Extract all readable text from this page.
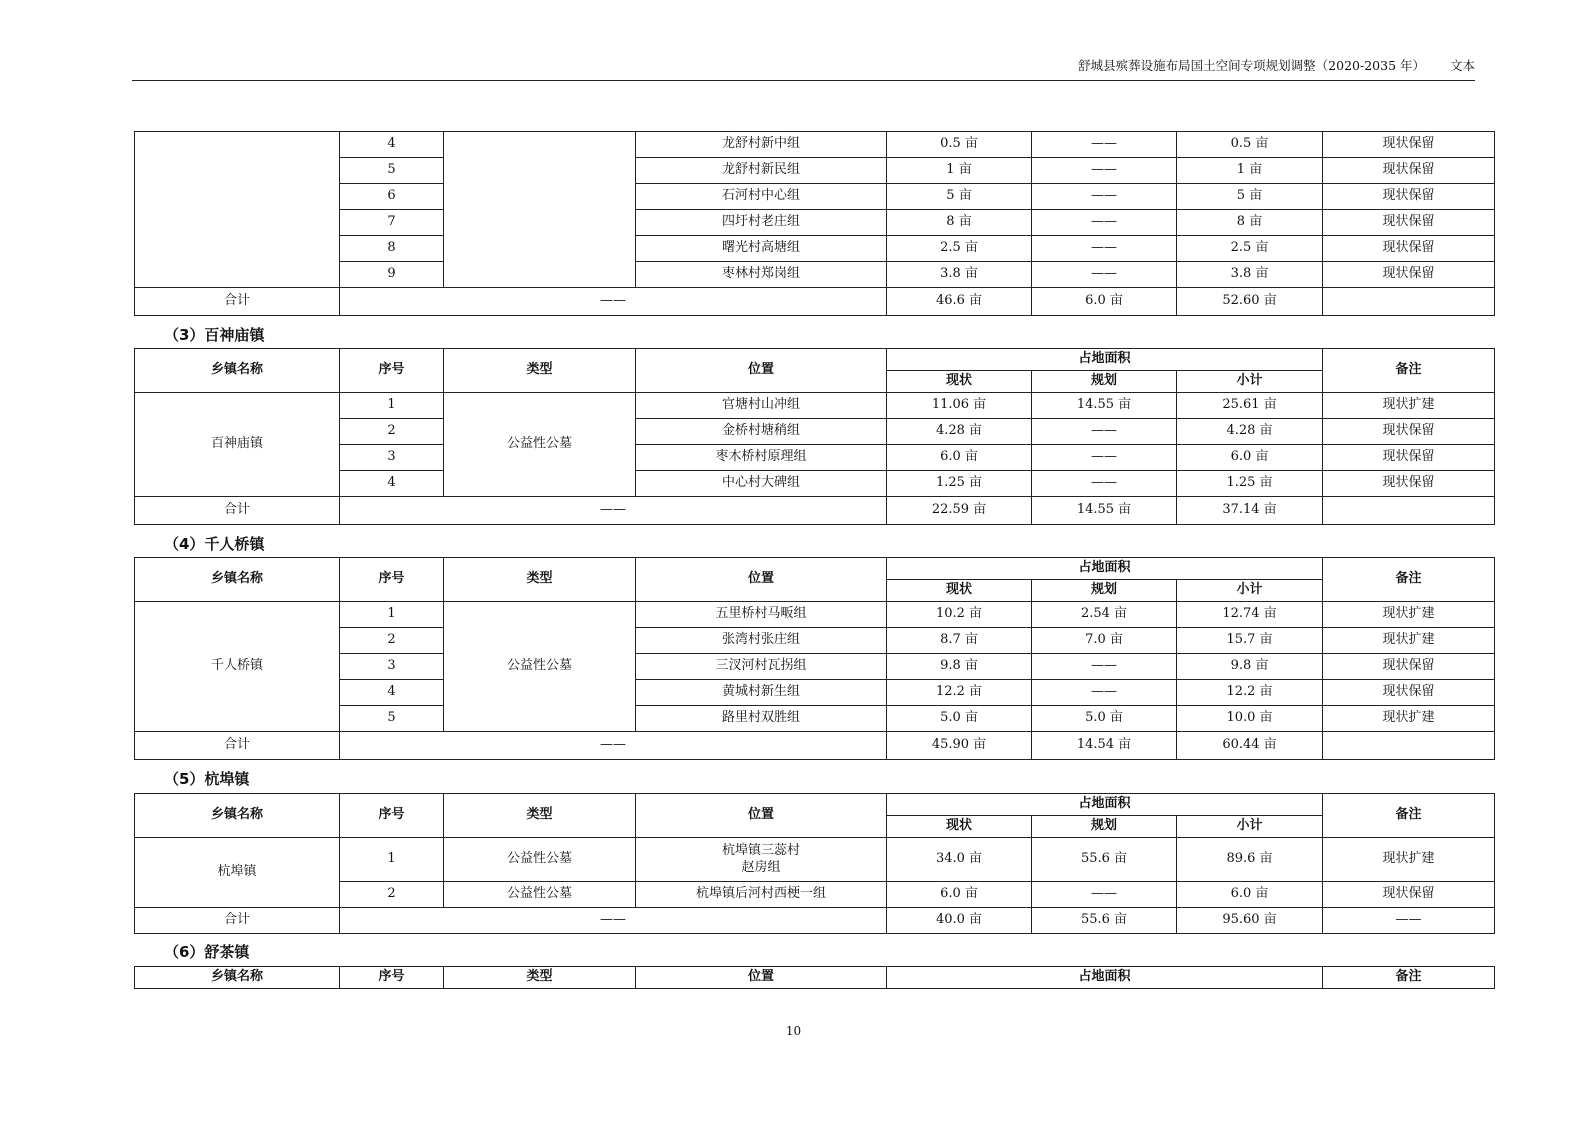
舒城县殡葬设施布局国土空间专项规划调整（2020-2035 年） 文本
	4		龙舒村新中组	0.5 亩	——	0.5 亩	现状保留
	5		龙舒村新民组	1 亩	——	1 亩	现状保留
	6		石河村中心组	5 亩	——	5 亩	现状保留
	7		四圩村老庄组	8 亩	——	8 亩	现状保留
	8		曙光村高塘组	2.5 亩	——	2.5 亩	现状保留
	9		枣林村郑岗组	3.8 亩	——	3.8 亩	现状保留
合计	——			46.6 亩	6.0 亩	52.60 亩	
（3）百神庙镇
乡镇名称	序号	类型	位置	占地面积			备注
				现状	规划	小计	
百神庙镇	1	公益性公墓	官塘村山冲组	11.06 亩	14.55 亩	25.61 亩	现状扩建
	2		金桥村塘稍组	4.28 亩	——	4.28 亩	现状保留
	3		枣木桥村原理组	6.0 亩	——	6.0 亩	现状保留
	4		中心村大碑组	1.25 亩	——	1.25 亩	现状保留
合计	——			22.59 亩	14.55 亩	37.14 亩	
（4）千人桥镇
乡镇名称	序号	类型	位置	占地面积			备注
				现状	规划	小计	
千人桥镇	1	公益性公墓	五里桥村马畈组	10.2 亩	2.54 亩	12.74 亩	现状扩建
	2		张湾村张庄组	8.7 亩	7.0 亩	15.7 亩	现状扩建
	3		三汊河村瓦拐组	9.8 亩	——	9.8 亩	现状保留
	4		黄城村新生组	12.2 亩	——	12.2 亩	现状保留
	5		路里村双胜组	5.0 亩	5.0 亩	10.0 亩	现状扩建
合计	——			45.90 亩	14.54 亩	60.44 亩	
（5）杭埠镇
乡镇名称	序号	类型	位置	占地面积			备注
				现状	规划	小计	
杭埠镇	1	公益性公墓	杭埠镇三蕊村
赵房组	34.0 亩	55.6 亩	89.6 亩	现状扩建
	2	公益性公墓	杭埠镇后河村西梗一组	6.0 亩	——	6.0 亩	现状保留
合计	——			40.0 亩	55.6 亩	95.60 亩	——
（6）舒茶镇
乡镇名称	序号	类型	位置	占地面积	备注
10
